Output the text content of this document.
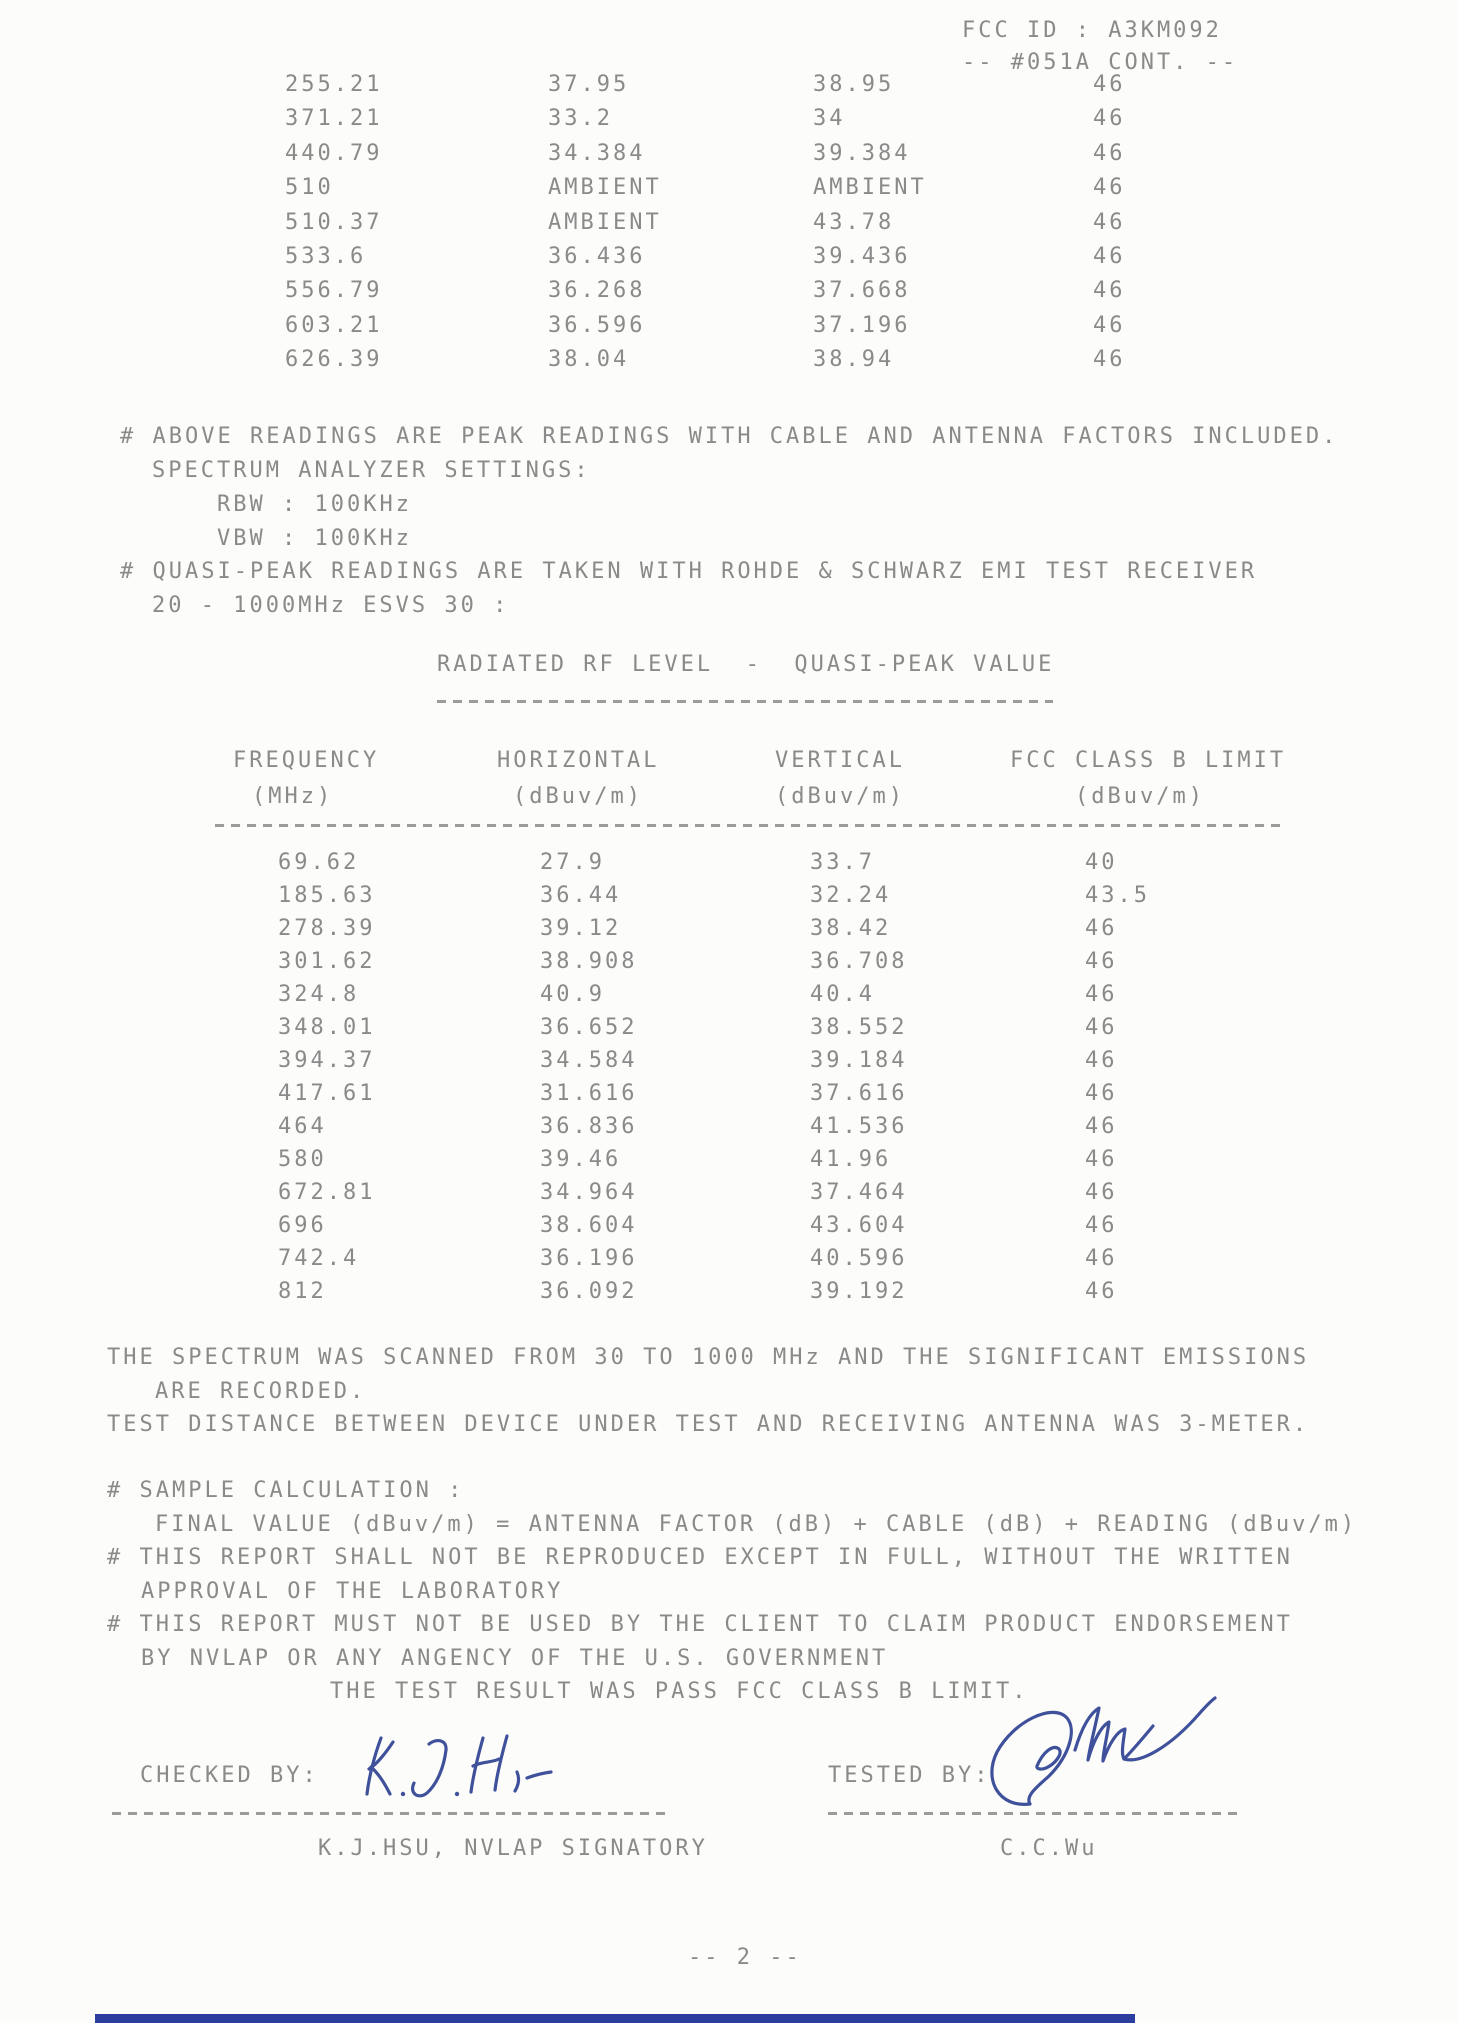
FCC ID : A3KM092
-- #051A CONT. --
255.21	37.95	38.95	46
371.21	33.2	34	46
440.79	34.384	39.384	46
510	AMBIENT	AMBIENT	46
510.37	AMBIENT	43.78	46
533.6	36.436	39.436	46
556.79	36.268	37.668	46
603.21	36.596	37.196	46
626.39	38.04	38.94	46
# ABOVE READINGS ARE PEAK READINGS WITH CABLE AND ANTENNA FACTORS INCLUDED.
SPECTRUM ANALYZER SETTINGS:
RBW : 100KHz
VBW : 100KHz
# QUASI-PEAK READINGS ARE TAKEN WITH ROHDE & SCHWARZ EMI TEST RECEIVER
20 - 1000MHz ESVS 30 :
RADIATED RF LEVEL  -  QUASI-PEAK VALUE
FREQUENCY	HORIZONTAL	VERTICAL	FCC CLASS B LIMIT
(MHz)	(dBuv/m)	(dBuv/m)	(dBuv/m)
69.62	27.9	33.7	40
185.63	36.44	32.24	43.5
278.39	39.12	38.42	46
301.62	38.908	36.708	46
324.8	40.9	40.4	46
348.01	36.652	38.552	46
394.37	34.584	39.184	46
417.61	31.616	37.616	46
464	36.836	41.536	46
580	39.46	41.96	46
672.81	34.964	37.464	46
696	38.604	43.604	46
742.4	36.196	40.596	46
812	36.092	39.192	46
THE SPECTRUM WAS SCANNED FROM 30 TO 1000 MHz AND THE SIGNIFICANT EMISSIONS
ARE RECORDED.
TEST DISTANCE BETWEEN DEVICE UNDER TEST AND RECEIVING ANTENNA WAS 3-METER.
# SAMPLE CALCULATION :
FINAL VALUE (dBuv/m) = ANTENNA FACTOR (dB) + CABLE (dB) + READING (dBuv/m)
# THIS REPORT SHALL NOT BE REPRODUCED EXCEPT IN FULL, WITHOUT THE WRITTEN
APPROVAL OF THE LABORATORY
# THIS REPORT MUST NOT BE USED BY THE CLIENT TO CLAIM PRODUCT ENDORSEMENT
BY NVLAP OR ANY ANGENCY OF THE U.S. GOVERNMENT
THE TEST RESULT WAS PASS FCC CLASS B LIMIT.
CHECKED BY:
K.J.HSU, NVLAP SIGNATORY
TESTED BY:
C.C.Wu
-- 2 --
